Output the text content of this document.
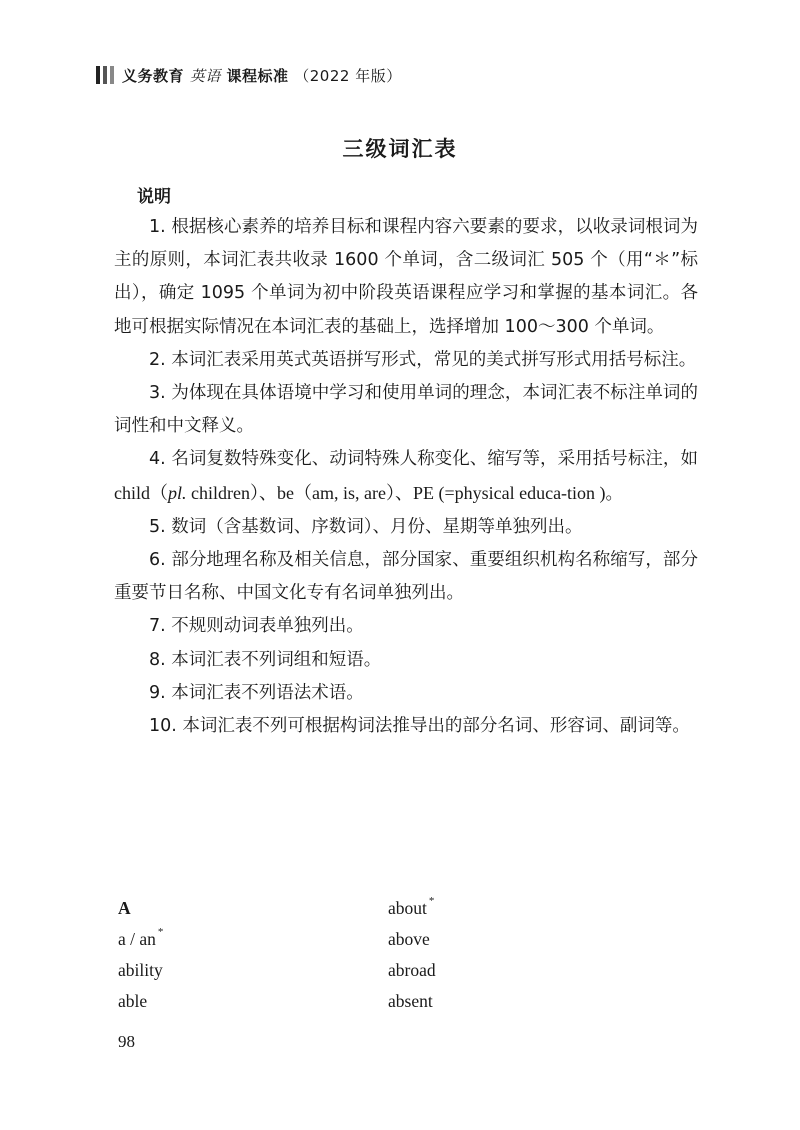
义务教育 英语 课程标准 （2022 年版）
三级词汇表
说明

1. 根据核心素养的培养目标和课程内容六要素的要求，以收录词根词为主的原则，本词汇表共收录 1600 个单词，含二级词汇 505 个（用“＊”标出），确定 1095 个单词为初中阶段英语课程应学习和掌握的基本词汇。各地可根据实际情况在本词汇表的基础上，选择增加 100～300 个单词。

2. 本词汇表采用英式英语拼写形式，常见的美式拼写形式用括号标注。

3. 为体现在具体语境中学习和使用单词的理念，本词汇表不标注单词的词性和中文释义。

4. 名词复数特殊变化、动词特殊人称变化、缩写等，采用括号标注，如 child（pl. children）、be（am, is, are）、PE (=physical educa-tion )。

5. 数词（含基数词、序数词）、月份、星期等单独列出。

6. 部分地理名称及相关信息，部分国家、重要组织机构名称缩写，部分重要节日名称、中国文化专有名词单独列出。

7. 不规则动词表单独列出。

8. 本词汇表不列词组和短语。

9. 本词汇表不列语法术语。

10. 本词汇表不列可根据构词法推导出的部分名词、形容词、副词等。

A	about *
a / an *	above
ability	abroad
able	absent
98
